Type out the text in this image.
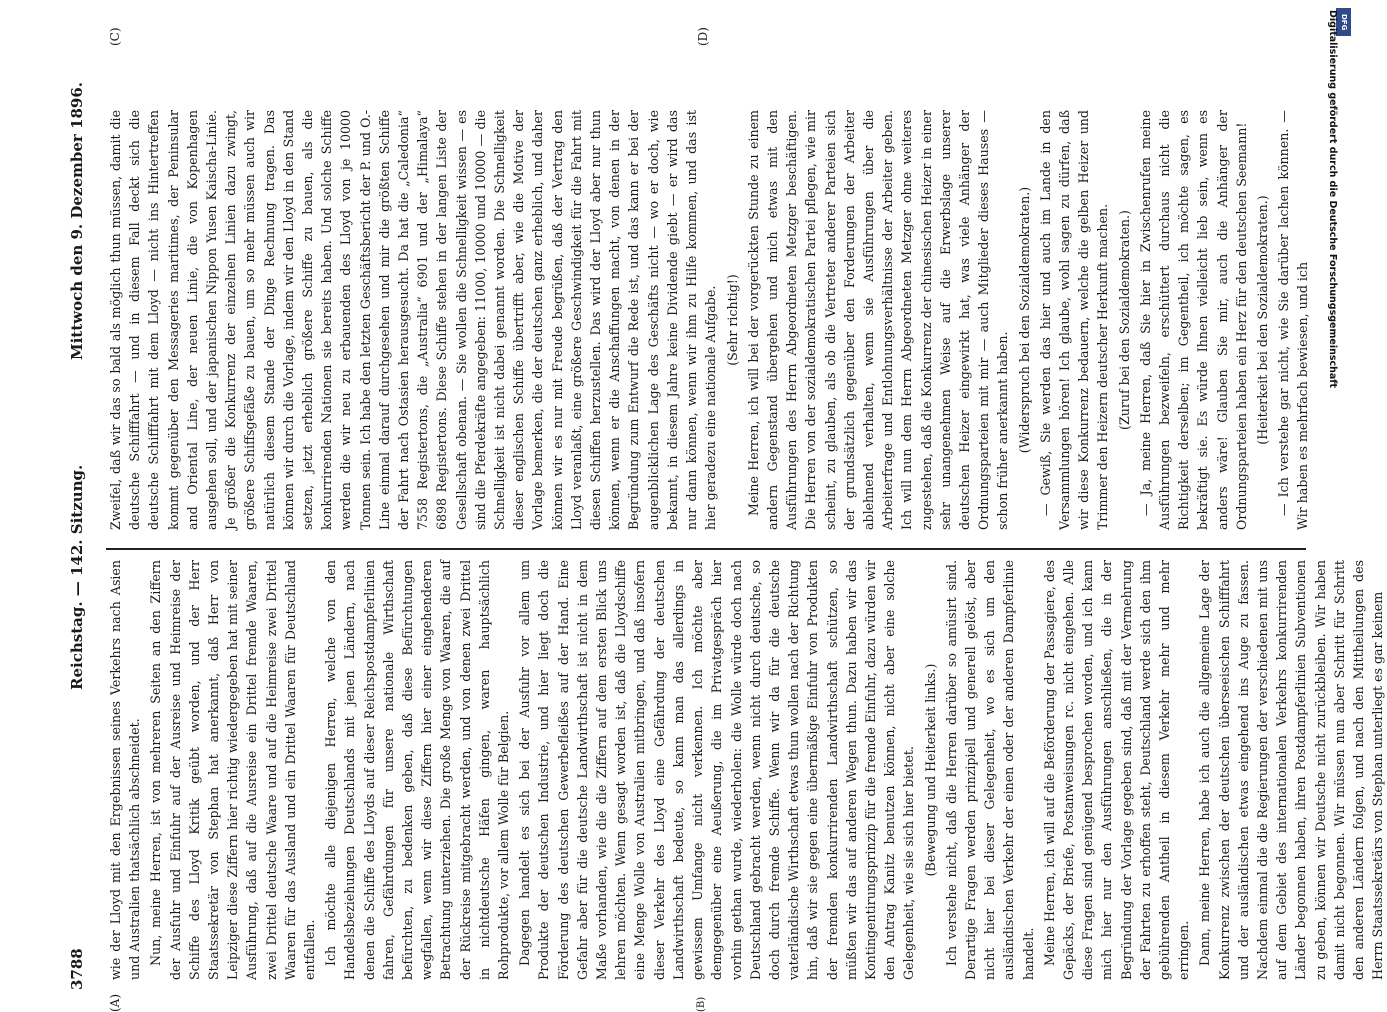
3788
Reichstag. — 142. Sitzung.
Mittwoch den 9. Dezember 1896.
(A)	(B)
(C)	(D)

wie der Lloyd mit den Ergebnissen seines Verkehrs nach Asien und Australien thatsächlich abschneidet. Nun, meine Herren, ist von mehreren Seiten an den Ziffern der Ausfuhr und Einfuhr auf der Ausreise und Heimreise der Schiffe des Lloyd Kritik geübt worden, und der Herr Staatssekretär von Stephan hat anerkannt, daß Herr von Leipziger diese Ziffern hier richtig wiedergegeben hat mit seiner Ausführung, daß auf die Ausreise ein Drittel fremde Waaren, zwei Drittel deutsche Waare und auf die Heimreise zwei Drittel Waaren für das Ausland und ein Drittel Waaren für Deutschland entfallen. Ich möchte alle diejenigen Herren, welche von den Handelsbeziehungen Deutschlands mit jenen Ländern, nach denen die Schiffe des Lloyds auf dieser Reichspostdampferlinien fahren, Gefährdungen für unsere nationale Wirthschaft befürchten, zu bedenken geben, daß diese Befürchtungen wegfallen, wenn wir diese Ziffern hier einer eingehenderen Betrachtung unterziehen. Die große Menge von Waaren, die auf der Rückreise mitgebracht werden, und von denen zwei Drittel in nichtdeutsche Häfen gingen, waren hauptsächlich Rohprodukte, vor allem Wolle für Belgien. Dagegen handelt es sich bei der Ausfuhr vor allem um Produkte der deutschen Industrie, und hier liegt doch die Förderung des deutschen Gewerbefleißes auf der Hand. Eine Gefahr aber für die deutsche Landwirthschaft ist nicht in dem Maße vorhanden, wie die die Ziffern auf dem ersten Blick uns lehren möchten. Wenn gesagt worden ist, daß die Lloydschiffe eine Menge Wolle von Australien mitbringen, und daß insofern dieser Verkehr des Lloyd eine Gefährdung der deutschen Landwirthschaft bedeute, so kann man das allerdings in gewissem Umfange nicht verkennen. Ich möchte aber demgegenüber eine Aeußerung, die im Privatgespräch hier vorhin gethan wurde, wiederholen: die Wolle würde doch nach Deutschland gebracht werden, wenn nicht durch deutsche, so doch durch fremde Schiffe. Wenn wir da für die deutsche vaterländische Wirthschaft etwas thun wollen nach der Richtung hin, daß wir sie gegen eine übermäßige Einfuhr von Produkten der fremden konkurrirenden Landwirthschaft schützen, so müßten wir das auf anderen Wegen thun. Dazu haben wir das Kontingentirungsprinzip für die fremde Einfuhr, dazu würden wir den Antrag Kanitz benutzen können, nicht aber eine solche Gelegenheit, wie sie sich hier bietet. (Bewegung und Heiterkeit links.) Ich verstehe nicht, daß die Herren darüber so amüsirt sind. Derartige Fragen werden prinzipiell und generell gelöst, aber nicht hier bei dieser Gelegenheit, wo es sich um den ausländischen Verkehr der einen oder der anderen Dampferlinie handelt. Meine Herren, ich will auf die Beförderung der Passagiere, des Gepäcks, der Briefe, Postanweisungen rc. nicht eingehen. Alle diese Fragen sind genügend besprochen worden, und ich kann mich hier nur den Ausführungen anschließen, die in der Begründung der Vorlage gegeben sind, daß mit der Vermehrung der Fahrten zu erhoffen steht, Deutschland werde sich den ihm gebührenden Antheil in diesem Verkehr mehr und mehr erringen. Dann, meine Herren, habe ich auch die allgemeine Lage der Konkurrenz zwischen der deutschen überseeischen Schifffahrt und der ausländischen etwas eingehend ins Auge zu fassen. Nachdem einmal die die Regierungen der verschiedenen mit uns auf dem Gebiet des internationalen Verkehrs konkurrirenden Länder begonnen haben, ihren Postdampferlinien Subventionen zu geben, können wir Deutsche nicht zurückbleiben. Wir haben damit nicht begonnen. Wir müssen nun aber Schritt für Schritt den anderen Ländern folgen, und nach den Mittheilungen des Herrn Staatssekretärs von Stephan unterliegt es gar keinem

Zweifel, daß wir das so bald als möglich thun müssen, damit die deutsche Schifffahrt — und in diesem Fall deckt sich die deutsche Schifffahrt mit dem Lloyd — nicht ins Hintertreffen kommt gegenüber den Messageries maritimes, der Peninsular and Oriental Line, der neuen Linie, die von Kopenhagen ausgehen soll, und der japanischen Nippon Yusen Kaischa-Linie. Je größer die Konkurrenz der einzelnen Linien dazu zwingt, größere Schiffsgefäße zu bauen, um so mehr müssen auch wir natürlich diesem Stande der Dinge Rechnung tragen. Das können wir durch die Vorlage, indem wir den Lloyd in den Stand setzen, jetzt erheblich größere Schiffe zu bauen, als die konkurrirenden Nationen sie bereits haben. Und solche Schiffe werden die wir neu zu erbauenden des Lloyd von je 10000 Tonnen sein. Ich habe den letzten Geschäftsbericht der P. und O.-Line einmal darauf durchgesehen und mir die größten Schiffe der Fahrt nach Ostasien herausgesucht. Da hat die „Caledonia“ 7558 Registertons, die „Australia“ 6901 und der „Himalaya“ 6898 Registertons. Diese Schiffe stehen in der langen Liste der Gesellschaft obenan. — Sie wollen die Schnelligkeit wissen — es sind die Pferdekräfte angegeben: 11000, 10000 und 10000 — die Schnelligkeit ist nicht dabei genannt worden. Die Schnelligkeit dieser englischen Schiffe übertrifft aber, wie die Motive der Vorlage bemerken, die der deutschen ganz erheblich, und daher können wir es nur mit Freude begrüßen, daß der Vertrag den Lloyd veranlaßt, eine größere Geschwindigkeit für die Fahrt mit diesen Schiffen herzustellen. Das wird der Lloyd aber nur thun können, wenn er die Anschaffungen macht, von denen in der Begründung zum Entwurf die Rede ist, und das kann er bei der augenblicklichen Lage des Geschäfts nicht — wo er doch, wie bekannt, in diesem Jahre keine Dividende giebt — er wird das nur dann können, wenn wir ihm zu Hilfe kommen, und das ist hier geradezu eine nationale Aufgabe. (Sehr richtig!) Meine Herren, ich will bei der vorgerückten Stunde zu einem andern Gegenstand übergehen und mich etwas mit den Ausführungen des Herrn Abgeordneten Metzger beschäftigen. Die Herren von der sozialdemokratischen Partei pflegen, wie mir scheint, zu glauben, als ob die Vertreter anderer Parteien sich der grundsätzlich gegenüber den Forderungen der Arbeiter ablehnend verhalten, wenn sie Ausführungen über die Arbeiterfrage und Entlohnungsverhältnisse der Arbeiter geben. Ich will nun dem Herrn Abgeordneten Metzger ohne weiteres zugestehen, daß die Konkurrenz der chinesischen Heizer in einer sehr unangenehmen Weise auf die Erwerbslage unserer deutschen Heizer eingewirkt hat, was viele Anhänger der Ordnungsparteien mit mir — auch Mitglieder dieses Hauses — schon früher anerkannt haben. (Widerspruch bei den Sozialdemokraten.) — Gewiß, Sie werden das hier und auch im Lande in den Versammlungen hören! Ich glaube, wohl sagen zu dürfen, daß wir diese Konkurrenz bedauern, welche die gelben Heizer und Trimmer den Heizern deutscher Herkunft machen. (Zuruf bei den Sozialdemokraten.) — Ja, meine Herren, daß Sie hier in Zwischenrufen meine Ausführungen bezweifeln, erschüttert durchaus nicht die Richtigkeit derselben; im Gegentheil, ich möchte sagen, es bekräftigt sie. Es würde Ihnen vielleicht lieb sein, wenn es anders wäre! Glauben Sie mir, auch die Anhänger der Ordnungsparteien haben ein Herz für den deutschen Seemann! (Heiterkeit bei den Sozialdemokraten.) — Ich verstehe gar nicht, wie Sie darüber lachen können. — Wir haben es mehrfach bewiesen, und ich

DFG
Digitalisierung gefördert durch die Deutsche Forschungsgemeinschaft
